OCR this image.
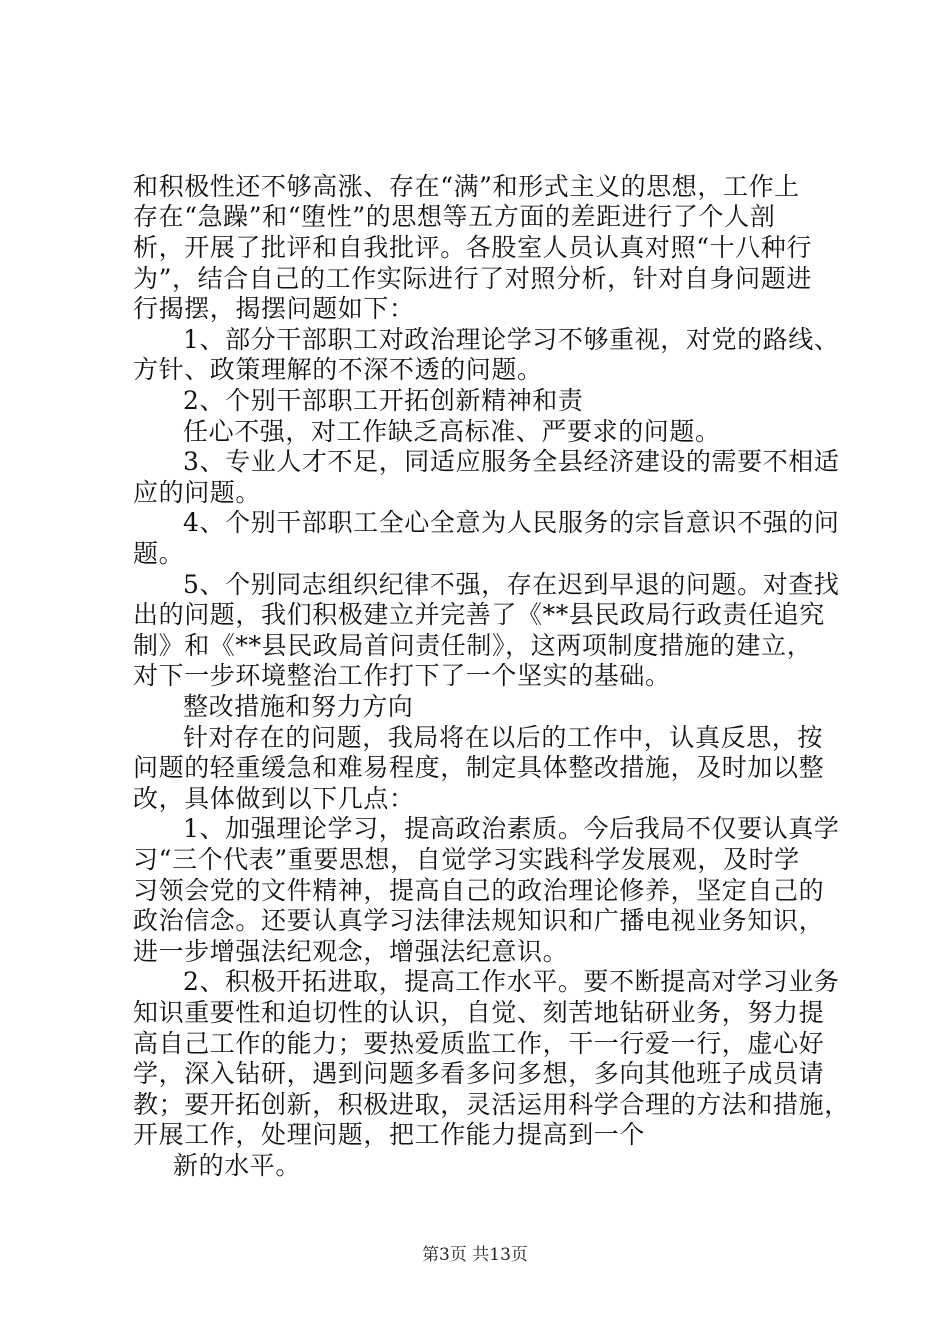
和积极性还不够高涨、存在“满”和形式主义的思想，工作上
存在“急躁”和“堕性”的思想等五方面的差距进行了个人剖
析，开展了批评和自我批评。各股室人员认真对照“十八种行
为”，结合自己的工作实际进行了对照分析，针对自身问题进
行揭摆，揭摆问题如下：
1、部分干部职工对政治理论学习不够重视，对党的路线、
方针、政策理解的不深不透的问题。
2、个别干部职工开拓创新精神和责
任心不强，对工作缺乏高标准、严要求的问题。
3、专业人才不足，同适应服务全县经济建设的需要不相适
应的问题。
4、个别干部职工全心全意为人民服务的宗旨意识不强的问
题。
5、个别同志组织纪律不强，存在迟到早退的问题。对查找
出的问题，我们积极建立并完善了《**县民政局行政责任追究
制》和《**县民政局首问责任制》，这两项制度措施的建立，
对下一步环境整治工作打下了一个坚实的基础。
整改措施和努力方向
针对存在的问题，我局将在以后的工作中，认真反思，按
问题的轻重缓急和难易程度，制定具体整改措施，及时加以整
改，具体做到以下几点：
1、加强理论学习，提高政治素质。今后我局不仅要认真学
习“三个代表”重要思想，自觉学习实践科学发展观，及时学
习领会党的文件精神，提高自己的政治理论修养，坚定自己的
政治信念。还要认真学习法律法规知识和广播电视业务知识，
进一步增强法纪观念，增强法纪意识。
2、积极开拓进取，提高工作水平。要不断提高对学习业务
知识重要性和迫切性的认识，自觉、刻苦地钻研业务，努力提
高自己工作的能力；要热爱质监工作，干一行爱一行，虚心好
学，深入钻研，遇到问题多看多问多想，多向其他班子成员请
教；要开拓创新，积极进取，灵活运用科学合理的方法和措施，
开展工作，处理问题，把工作能力提高到一个
新的水平。
第3页 共13页
